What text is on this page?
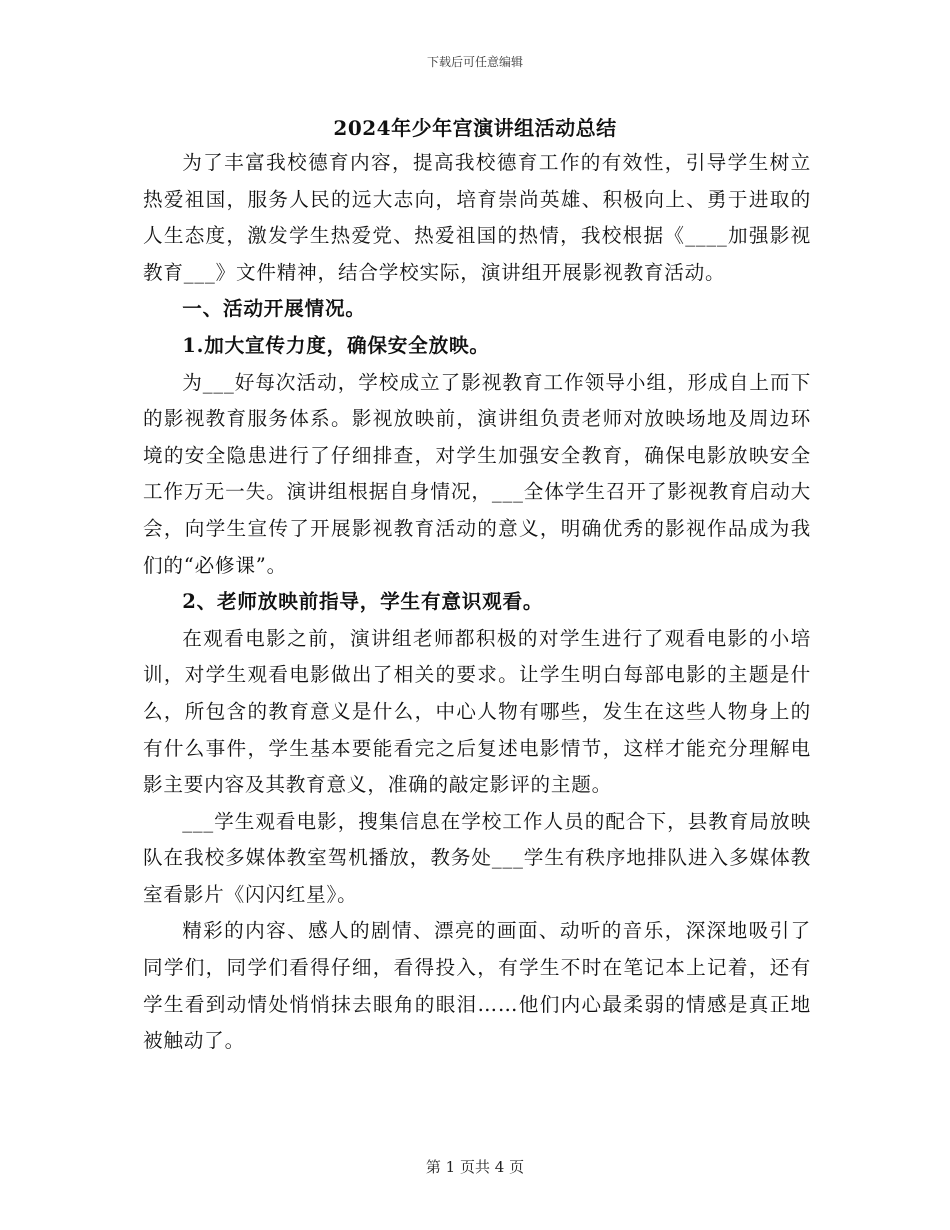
下载后可任意编辑
2024年少年宫演讲组活动总结

为了丰富我校德育内容，提高我校德育工作的有效性，引导学生树立热爱祖国，服务人民的远大志向，培育崇尚英雄、积极向上、勇于进取的人生态度，激发学生热爱党、热爱祖国的热情，我校根据《____加强影视教育___》文件精神，结合学校实际，演讲组开展影视教育活动。

一、活动开展情况。

1.加大宣传力度，确保安全放映。

为___好每次活动，学校成立了影视教育工作领导小组，形成自上而下的影视教育服务体系。影视放映前，演讲组负责老师对放映场地及周边环境的安全隐患进行了仔细排查，对学生加强安全教育，确保电影放映安全工作万无一失。演讲组根据自身情况，___全体学生召开了影视教育启动大会，向学生宣传了开展影视教育活动的意义，明确优秀的影视作品成为我们的“必修课”。

2、老师放映前指导，学生有意识观看。

在观看电影之前，演讲组老师都积极的对学生进行了观看电影的小培训，对学生观看电影做出了相关的要求。让学生明白每部电影的主题是什么，所包含的教育意义是什么，中心人物有哪些，发生在这些人物身上的有什么事件，学生基本要能看完之后复述电影情节，这样才能充分理解电影主要内容及其教育意义，准确的敲定影评的主题。

___学生观看电影，搜集信息在学校工作人员的配合下，县教育局放映队在我校多媒体教室驾机播放，教务处___学生有秩序地排队进入多媒体教室看影片《闪闪红星》。

精彩的内容、感人的剧情、漂亮的画面、动听的音乐，深深地吸引了同学们，同学们看得仔细，看得投入，有学生不时在笔记本上记着，还有学生看到动情处悄悄抹去眼角的眼泪……他们内心最柔弱的情感是真正地被触动了。

第 1 页共 4 页
